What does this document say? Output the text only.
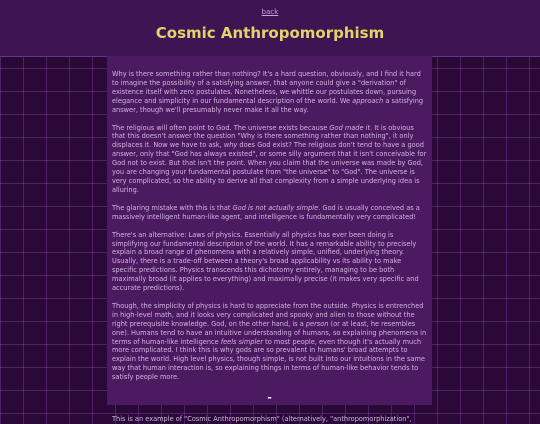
back
Cosmic Anthropomorphism

Why is there something rather than nothing? It's a hard question, obviously, and I find it hard to imagine the possibility of a satisfying answer, that anyone could give a "derivation" of existence itself with zero postulates. Nonetheless, we whittle our postulates down, pursuing elegance and simplicity in our fundamental description of the world. We approach a satisfying answer, though we'll presumably never make it all the way.

The religious will often point to God. The universe exists because God made it. It is obvious that this doesn't answer the question "Why is there something rather than nothing", it only displaces it. Now we have to ask, why does God exist? The religious don't tend to have a good answer, only that "God has always existed", or some silly argument that it isn't conceivable for God not to exist. But that isn't the point. When you claim that the universe was made by God, you are changing your fundamental postulate from "the universe" to "God". The universe is very complicated, so the ability to derive all that complexity from a simple underlying idea is alluring.

The glaring mistake with this is that God is not actually simple. God is usually conceived as a massively intelligent human-like agent, and intelligence is fundamentally very complicated!

There's an alternative: Laws of physics. Essentially all physics has ever been doing is simplifying our fundamental description of the world. It has a remarkable ability to precisely explain a broad range of phenomena with a relatively simple, unified, underlying theory. Usually, there is a trade-off between a theory's broad applicability vs its ability to make specific predictions. Physics transcends this dichotomy entirely, managing to be both maximally broad (it applies to everything) and maximally precise (it makes very specific and accurate predictions).

Though, the simplicity of physics is hard to appreciate from the outside. Physics is entrenched in high-level math, and it looks very complicated and spooky and alien to those without the right prerequisite knowledge. God, on the other hand, is a person (or at least, he resembles one). Humans tend to have an intuitive understanding of humans, so explaining phenomena in terms of human-like intelligence feels simpler to most people, even though it's actually much more complicated. I think this is why gods are so prevalent in humans' broad attempts to explain the world. High level physics, though simple, is not built into our intuitions in the same way that human interaction is, so explaining things in terms of human-like behavior tends to satisfy people more.

-

This is an example of "Cosmic Anthropomorphism" (alternatively, "anthropomorphization",
